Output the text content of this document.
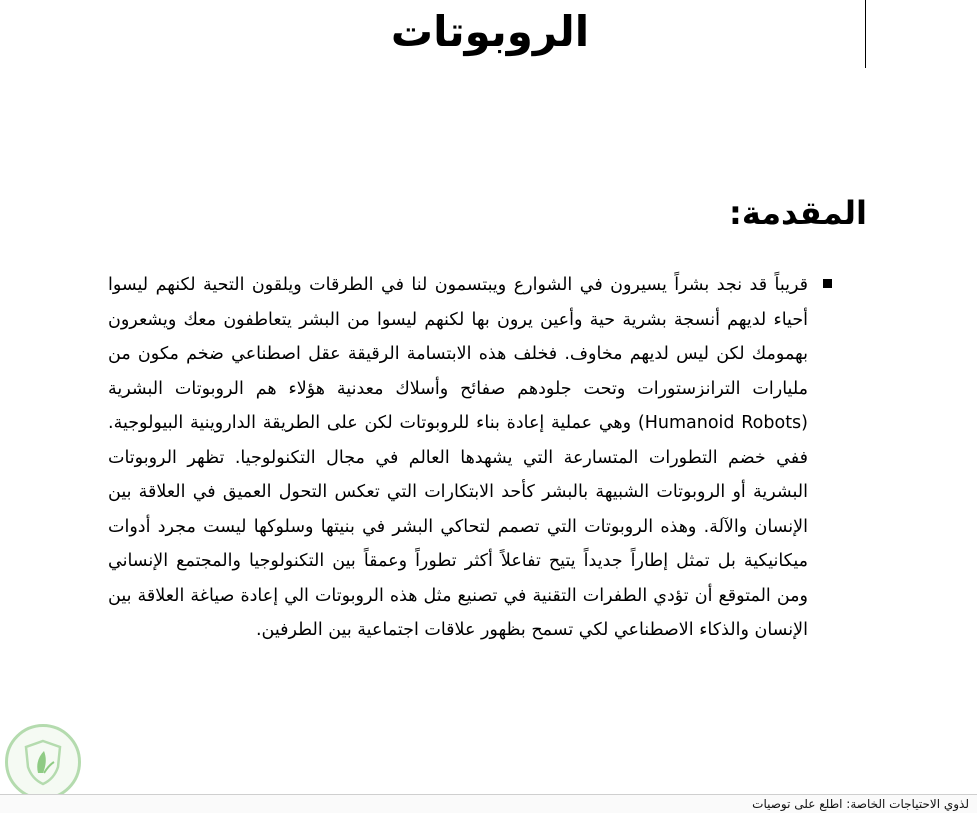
الروبوتات
المقدمة:

قريباً قد نجد بشراً يسيرون في الشوارع ويبتسمون لنا في الطرقات ويلقون التحية لكنهم ليسوا أحياء لديهم أنسجة بشرية حية وأعين يرون بها لكنهم ليسوا من البشر يتعاطفون معك ويشعرون بهمومك لكن ليس لديهم مخاوف. فخلف هذه الابتسامة الرقيقة عقل اصطناعي ضخم مكون من مليارات الترانزستورات وتحت جلودهم صفائح وأسلاك معدنية هؤلاء هم الروبوتات البشرية (Humanoid Robots) وهي عملية إعادة بناء للروبوتات لكن على الطريقة الداروينية البيولوجية. ففي خضم التطورات المتسارعة التي يشهدها العالم في مجال التكنولوجيا. تظهر الروبوتات البشرية أو الروبوتات الشبيهة بالبشر كأحد الابتكارات التي تعكس التحول العميق في العلاقة بين الإنسان والآلة. وهذه الروبوتات التي تصمم لتحاكي البشر في بنيتها وسلوكها ليست مجرد أدوات ميكانيكية بل تمثل إطاراً جديداً يتيح تفاعلاً أكثر تطوراً وعمقاً بين التكنولوجيا والمجتمع الإنساني ومن المتوقع أن تؤدي الطفرات التقنية في تصنيع مثل هذه الروبوتات الي إعادة صياغة العلاقة بين الإنسان والذكاء الاصطناعي لكي تسمح بظهور علاقات اجتماعية بين الطرفين.

لذوي الاحتياجات الخاصة: اطلع على توصيات
